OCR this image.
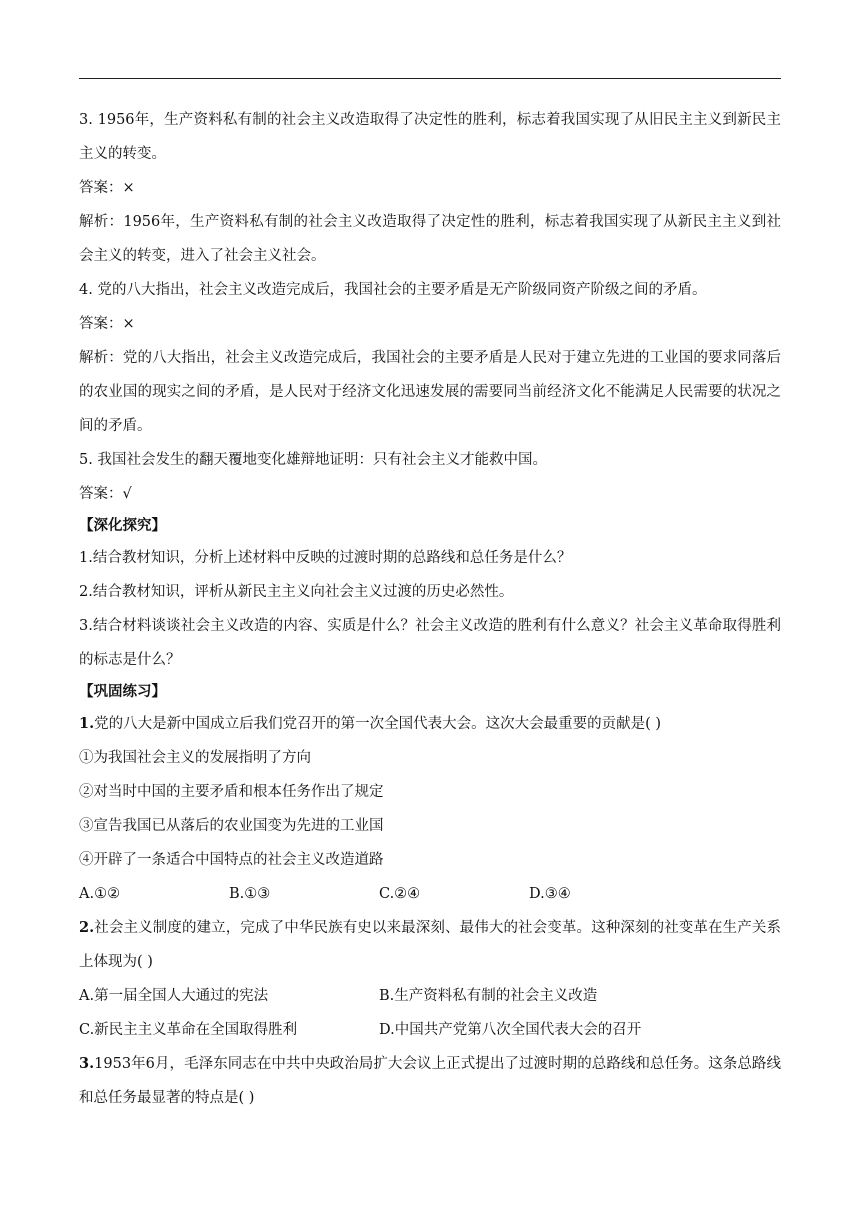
3. 1956年，生产资料私有制的社会主义改造取得了决定性的胜利，标志着我国实现了从旧民主主义到新民主主义的转变。

答案：×

解析：1956年，生产资料私有制的社会主义改造取得了决定性的胜利，标志着我国实现了从新民主主义到社会主义的转变，进入了社会主义社会。

4. 党的八大指出，社会主义改造完成后，我国社会的主要矛盾是无产阶级同资产阶级之间的矛盾。

答案：×

解析：党的八大指出，社会主义改造完成后，我国社会的主要矛盾是人民对于建立先进的工业国的要求同落后的农业国的现实之间的矛盾，是人民对于经济文化迅速发展的需要同当前经济文化不能满足人民需要的状况之间的矛盾。

5. 我国社会发生的翻天覆地变化雄辩地证明：只有社会主义才能救中国。

答案：√

【深化探究】

1.结合教材知识，分析上述材料中反映的过渡时期的总路线和总任务是什么？

2.结合教材知识，评析从新民主主义向社会主义过渡的历史必然性。

3.结合材料谈谈社会主义改造的内容、实质是什么？社会主义改造的胜利有什么意义？社会主义革命取得胜利的标志是什么？

【巩固练习】

1.党的八大是新中国成立后我们党召开的第一次全国代表大会。这次大会最重要的贡献是( )

①为我国社会主义的发展指明了方向

②对当时中国的主要矛盾和根本任务作出了规定

③宣告我国已从落后的农业国变为先进的工业国

④开辟了一条适合中国特点的社会主义改造道路

A.①②	B.①③	C.②④	D.③④

2.社会主义制度的建立，完成了中华民族有史以来最深刻、最伟大的社会变革。这种深刻的社变革在生产关系上体现为( )

A.第一届全国人大通过的宪法	B.生产资料私有制的社会主义改造
C.新民主主义革命在全国取得胜利	D.中国共产党第八次全国代表大会的召开

3.1953年6月，毛泽东同志在中共中央政治局扩大会议上正式提出了过渡时期的总路线和总任务。这条总路线和总任务最显著的特点是( )
